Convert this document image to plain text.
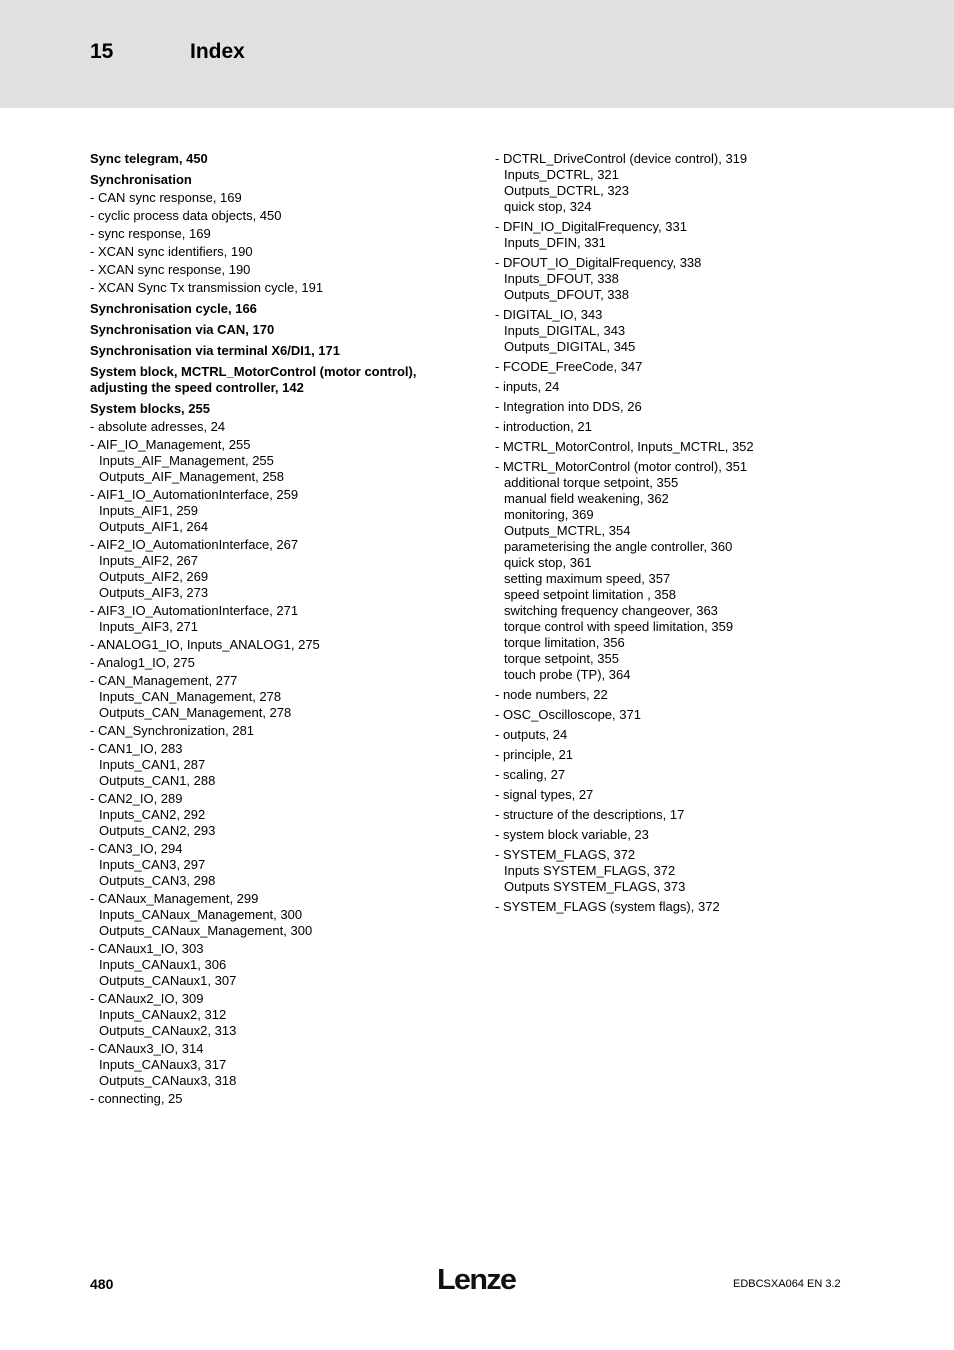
15	Index
Sync telegram, 450
Synchronisation
- CAN sync response, 169
- cyclic process data objects, 450
- sync response, 169
- XCAN sync identifiers, 190
- XCAN sync response, 190
- XCAN Sync Tx transmission cycle, 191
Synchronisation cycle, 166
Synchronisation via CAN, 170
Synchronisation via terminal X6/DI1, 171
System block, MCTRL_MotorControl (motor control),
adjusting the speed controller, 142
System blocks, 255
- absolute adresses, 24
- AIF_IO_Management, 255
Inputs_AIF_Management, 255
Outputs_AIF_Management, 258
- AIF1_IO_AutomationInterface, 259
Inputs_AIF1, 259
Outputs_AIF1, 264
- AIF2_IO_AutomationInterface, 267
Inputs_AIF2, 267
Outputs_AIF2, 269
Outputs_AIF3, 273
- AIF3_IO_AutomationInterface, 271
Inputs_AIF3, 271
- ANALOG1_IO, Inputs_ANALOG1, 275
- Analog1_IO, 275
- CAN_Management, 277
Inputs_CAN_Management, 278
Outputs_CAN_Management, 278
- CAN_Synchronization, 281
- CAN1_IO, 283
Inputs_CAN1, 287
Outputs_CAN1, 288
- CAN2_IO, 289
Inputs_CAN2, 292
Outputs_CAN2, 293
- CAN3_IO, 294
Inputs_CAN3, 297
Outputs_CAN3, 298
- CANaux_Management, 299
Inputs_CANaux_Management, 300
Outputs_CANaux_Management, 300
- CANaux1_IO, 303
Inputs_CANaux1, 306
Outputs_CANaux1, 307
- CANaux2_IO, 309
Inputs_CANaux2, 312
Outputs_CANaux2, 313
- CANaux3_IO, 314
Inputs_CANaux3, 317
Outputs_CANaux3, 318
- connecting, 25
- DCTRL_DriveControl (device control), 319
Inputs_DCTRL, 321
Outputs_DCTRL, 323
quick stop, 324
- DFIN_IO_DigitalFrequency, 331
Inputs_DFIN, 331
- DFOUT_IO_DigitalFrequency, 338
Inputs_DFOUT, 338
Outputs_DFOUT, 338
- DIGITAL_IO, 343
Inputs_DIGITAL, 343
Outputs_DIGITAL, 345
- FCODE_FreeCode, 347
- inputs, 24
- Integration into DDS, 26
- introduction, 21
- MCTRL_MotorControl, Inputs_MCTRL, 352
- MCTRL_MotorControl (motor control), 351
additional torque setpoint, 355
manual field weakening, 362
monitoring, 369
Outputs_MCTRL, 354
parameterising the angle controller, 360
quick stop, 361
setting maximum speed, 357
speed setpoint limitation , 358
switching frequency changeover, 363
torque control with speed limitation, 359
torque limitation, 356
torque setpoint, 355
touch probe (TP), 364
- node numbers, 22
- OSC_Oscilloscope, 371
- outputs, 24
- principle, 21
- scaling, 27
- signal types, 27
- structure of the descriptions, 17
- system block variable, 23
- SYSTEM_FLAGS, 372
Inputs SYSTEM_FLAGS, 372
Outputs SYSTEM_FLAGS, 373
- SYSTEM_FLAGS (system flags), 372
480	Lenze	EDBCSXA064 EN 3.2
